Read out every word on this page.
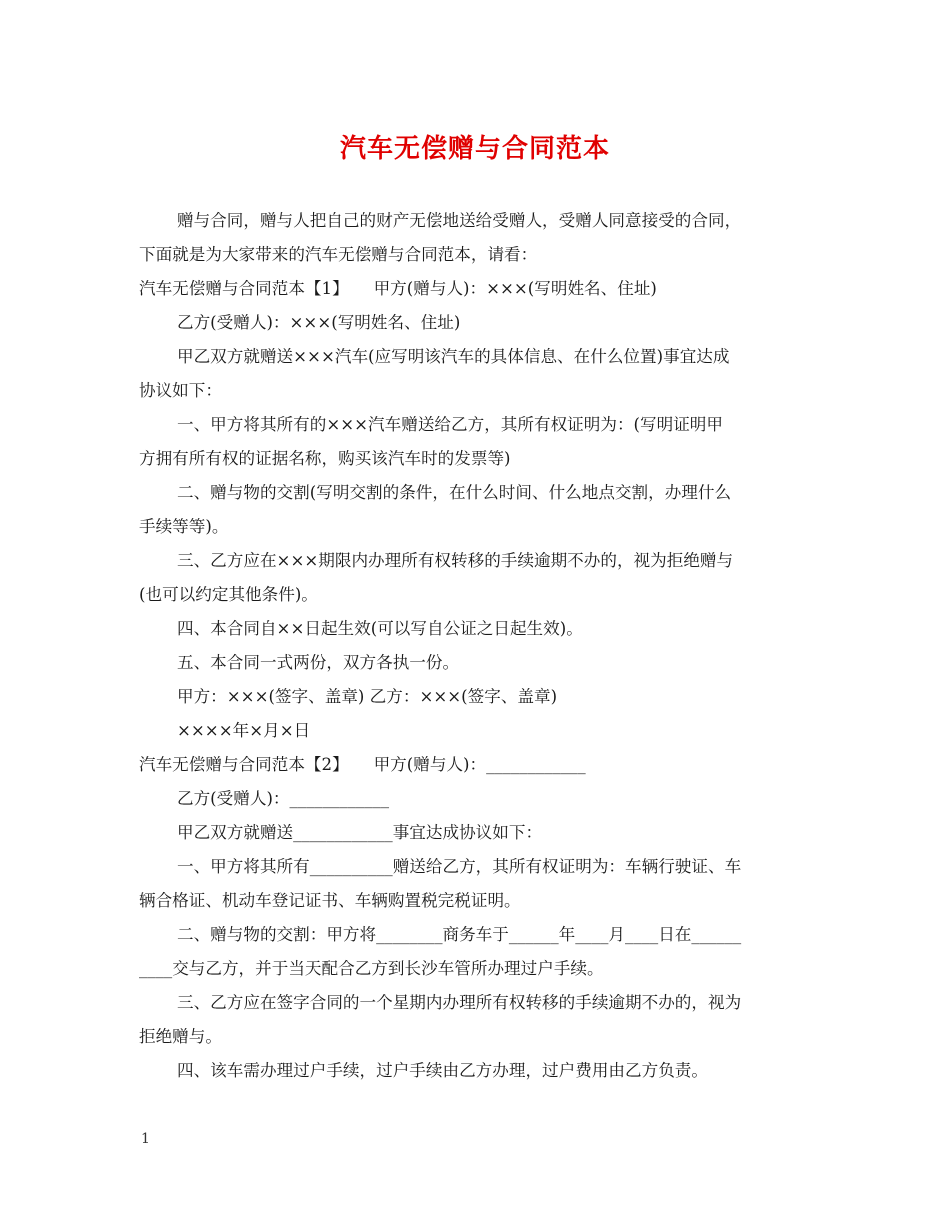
汽车无偿赠与合同范本

赠与合同，赠与人把自己的财产无偿地送给受赠人，受赠人同意接受的合同，

下面就是为大家带来的汽车无偿赠与合同范本，请看：

汽车无偿赠与合同范本【1】　　甲方(赠与人)：×××(写明姓名、住址)

乙方(受赠人)：×××(写明姓名、住址)

甲乙双方就赠送×××汽车(应写明该汽车的具体信息、在什么位置)事宜达成

协议如下：

一、甲方将其所有的×××汽车赠送给乙方，其所有权证明为：(写明证明甲

方拥有所有权的证据名称，购买该汽车时的发票等)

二、赠与物的交割(写明交割的条件，在什么时间、什么地点交割，办理什么

手续等等)。

三、乙方应在×××期限内办理所有权转移的手续逾期不办的，视为拒绝赠与

(也可以约定其他条件)。

四、本合同自××日起生效(可以写自公证之日起生效)。

五、本合同一式两份，双方各执一份。

甲方：×××(签字、盖章) 乙方：×××(签字、盖章)

××××年×月×日

汽车无偿赠与合同范本【2】　　甲方(赠与人)：____________

乙方(受赠人)：____________

甲乙双方就赠送____________事宜达成协议如下：

一、甲方将其所有__________赠送给乙方，其所有权证明为：车辆行驶证、车

辆合格证、机动车登记证书、车辆购置税完税证明。

二、赠与物的交割：甲方将________商务车于______年____月____日在______

____交与乙方，并于当天配合乙方到长沙车管所办理过户手续。

三、乙方应在签字合同的一个星期内办理所有权转移的手续逾期不办的，视为

拒绝赠与。

四、该车需办理过户手续，过户手续由乙方办理，过户费用由乙方负责。

1
